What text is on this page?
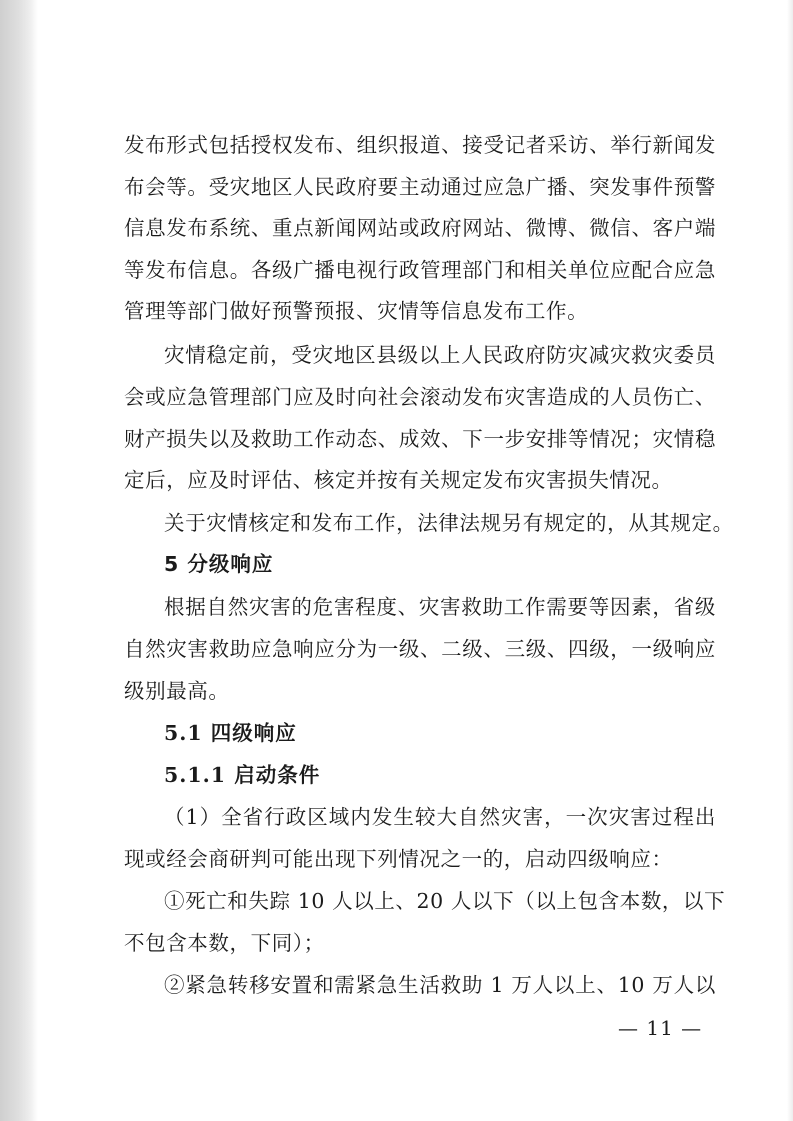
发布形式包括授权发布、组织报道、接受记者采访、举行新闻发
布会等。受灾地区人民政府要主动通过应急广播、突发事件预警
信息发布系统、重点新闻网站或政府网站、微博、微信、客户端
等发布信息。各级广播电视行政管理部门和相关单位应配合应急
管理等部门做好预警预报、灾情等信息发布工作。
灾情稳定前，受灾地区县级以上人民政府防灾减灾救灾委员
会或应急管理部门应及时向社会滚动发布灾害造成的人员伤亡、
财产损失以及救助工作动态、成效、下一步安排等情况；灾情稳
定后，应及时评估、核定并按有关规定发布灾害损失情况。
关于灾情核定和发布工作，法律法规另有规定的，从其规定。
5 分级响应
根据自然灾害的危害程度、灾害救助工作需要等因素，省级
自然灾害救助应急响应分为一级、二级、三级、四级，一级响应
级别最高。
5.1 四级响应
5.1.1 启动条件
（1）全省行政区域内发生较大自然灾害，一次灾害过程出
现或经会商研判可能出现下列情况之一的，启动四级响应：
①死亡和失踪 10 人以上、20 人以下（以上包含本数，以下
不包含本数，下同）；
②紧急转移安置和需紧急生活救助 1 万人以上、10 万人以
— 11 —
